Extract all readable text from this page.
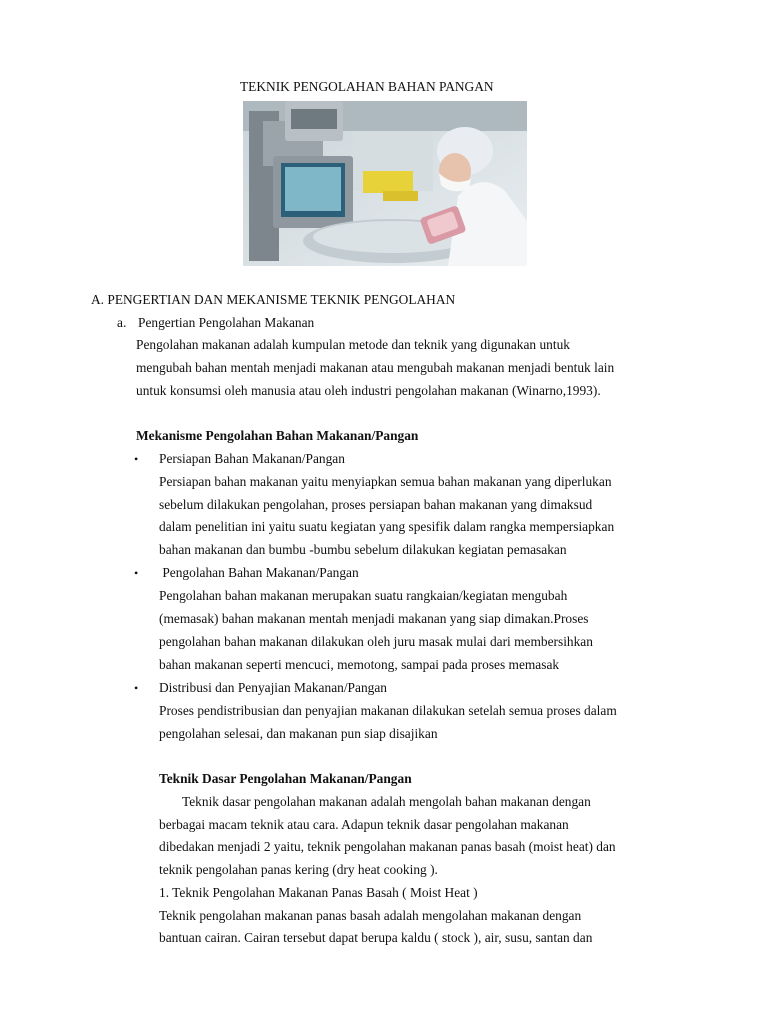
TEKNIK PENGOLAHAN BAHAN PANGAN
A. PENGERTIAN DAN MEKANISME TEKNIK PENGOLAHAN
a. Pengertian Pengolahan Makanan
Pengolahan makanan adalah kumpulan metode dan teknik yang digunakan untuk
mengubah bahan mentah menjadi makanan atau mengubah makanan menjadi bentuk lain
untuk konsumsi oleh manusia atau oleh industri pengolahan makanan (Winarno,1993).
Mekanisme Pengolahan Bahan Makanan/Pangan
• Persiapan Bahan Makanan/Pangan
Persiapan bahan makanan yaitu menyiapkan semua bahan makanan yang diperlukan
sebelum dilakukan pengolahan, proses persiapan bahan makanan yang dimaksud
dalam penelitian ini yaitu suatu kegiatan yang spesifik dalam rangka mempersiapkan
bahan makanan dan bumbu -bumbu sebelum dilakukan kegiatan pemasakan
• Pengolahan Bahan Makanan/Pangan
Pengolahan bahan makanan merupakan suatu rangkaian/kegiatan mengubah
(memasak) bahan makanan mentah menjadi makanan yang siap dimakan.Proses
pengolahan bahan makanan dilakukan oleh juru masak mulai dari membersihkan
bahan makanan seperti mencuci, memotong, sampai pada proses memasak
• Distribusi dan Penyajian Makanan/Pangan
Proses pendistribusian dan penyajian makanan dilakukan setelah semua proses dalam
pengolahan selesai, dan makanan pun siap disajikan
Teknik Dasar Pengolahan Makanan/Pangan
Teknik dasar pengolahan makanan adalah mengolah bahan makanan dengan
berbagai macam teknik atau cara. Adapun teknik dasar pengolahan makanan
dibedakan menjadi 2 yaitu, teknik pengolahan makanan panas basah (moist heat) dan
teknik pengolahan panas kering (dry heat cooking ).
1. Teknik Pengolahan Makanan Panas Basah ( Moist Heat )
Teknik pengolahan makanan panas basah adalah mengolahan makanan dengan
bantuan cairan. Cairan tersebut dapat berupa kaldu ( stock ), air, susu, santan dan
